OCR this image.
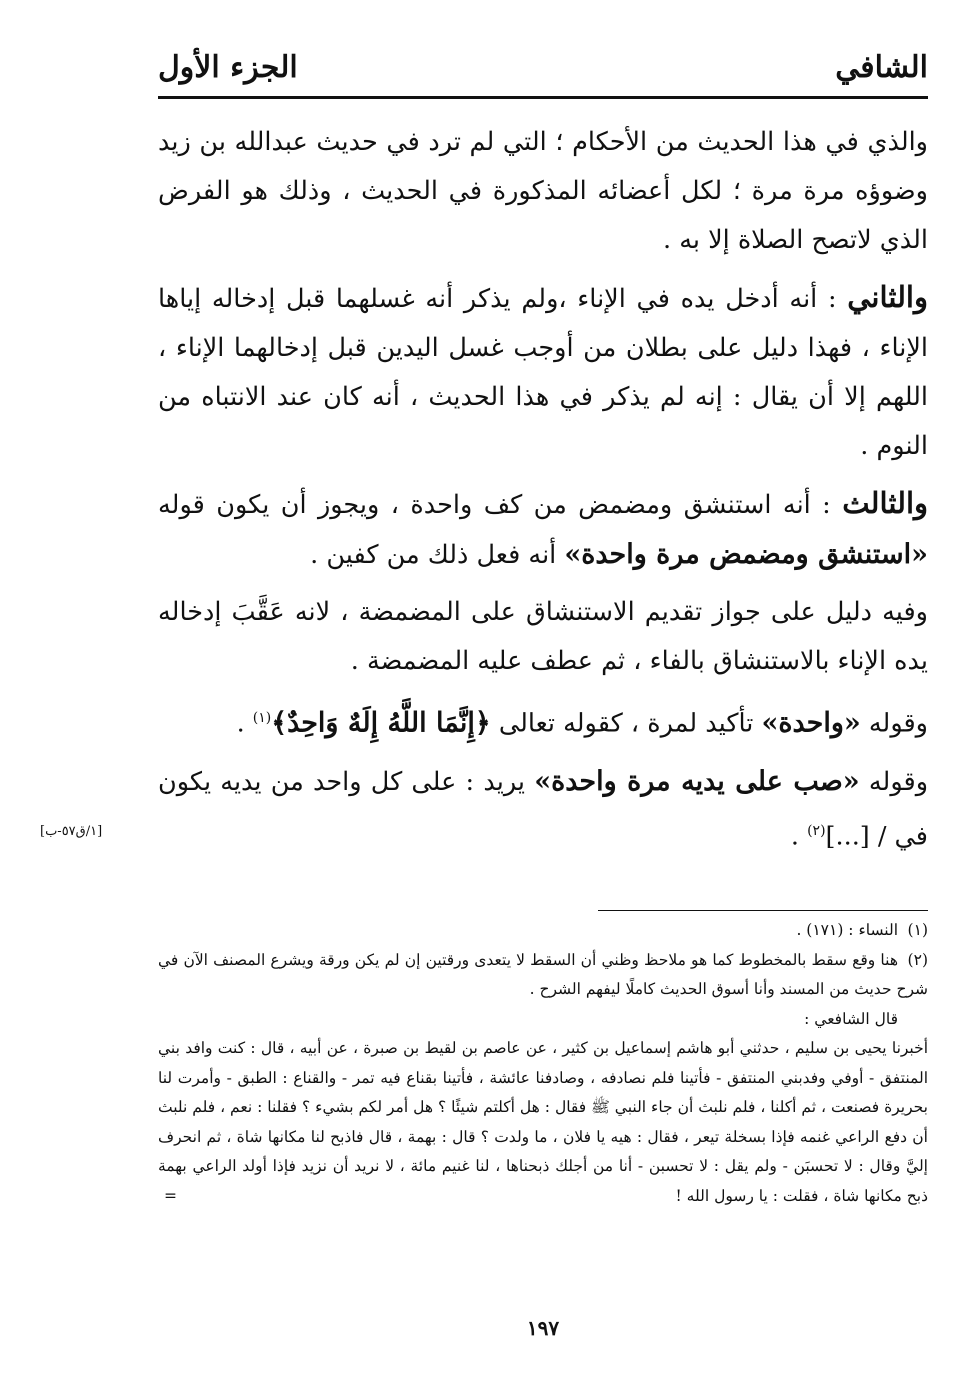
الشافي
الجزء الأول

والذي في هذا الحديث من الأحكام ؛ التي لم ترد في حديث عبدالله بن زيد وضوؤه مرة مرة ؛ لكل أعضائه المذكورة في الحديث ، وذلك هو الفرض الذي لاتصح الصلاة إلا به .

والثاني : أنه أدخل يده في الإناء ،ولم يذكر أنه غسلهما قبل إدخاله إياها الإناء ، فهذا دليل على بطلان من أوجب غسل اليدين قبل إدخالهما الإناء ، اللهم إلا أن يقال : إنه لم يذكر في هذا الحديث ، أنه كان عند الانتباه من النوم .

والثالث : أنه استنشق ومضمض من كف واحدة ، ويجوز أن يكون قوله «استنشق ومضمض مرة واحدة» أنه فعل ذلك من كفين .

وفيه دليل على جواز تقديم الاستنشاق على المضمضة ، لانه عَقَّبَ إدخاله يده الإناء بالاستنشاق بالفاء ، ثم عطف عليه المضمضة .

وقوله «واحدة» تأكيد لمرة ، كقوله تعالى ﴿إِنَّمَا اللَّهُ إِلَهٌ وَاحِدٌ﴾$^{(١)}$ .

وقوله «صب على يديه مرة واحدة» يريد : على كل واحد من يديه يكون في / [...]$^{(٢)}$ .

(١)النساء : (١٧١) .

(٢)هنا وقع سقط بالمخطوط كما هو ملاحظ وظني أن السقط لا يتعدى ورقتين إن لم يكن ورقة ويشرع المصنف الآن في شرح حديث من المسند وأنا أسوق الحديث كاملًا ليفهم الشرح .

قال الشافعي :

أخبرنا يحيى بن سليم ، حدثني أبو هاشم إسماعيل بن كثير ، عن عاصم بن لقيط بن صبرة ، عن أبيه ، قال : كنت وافد بني المنتفق - أوفي وفدبني المنتفق - فأتينا فلم نصادفه ، وصادفنا عائشة ، فأتينا بقناع فيه تمر - والقناع : الطبق - وأمرت لنا بحريرة فصنعت ، ثم أكلنا ، فلم نلبث أن جاء النبي ﷺ فقال : هل أكلتم شيئًا ؟ هل أمر لكم بشيء ؟ فقلنا : نعم ، فلم نلبث أن دفع الراعي غنمه فإذا بسخلة تيعر ، فقال : هيه يا فلان ، ما ولدت ؟ قال : بهمة ، قال فاذبح لنا مكانها شاة ، ثم انحرف إليَّ وقال : لا تحسبَن - ولم يقل : لا تحسبن - أنا من أجلك ذبحناها ، لنا غنيم مائة ، لا نريد أن نزيد فإذا أولد الراعي بهمة ذبح مكانها شاة ، فقلت : يا رسول الله !
=

١٩٧
[١/ق٥٧-ب]
